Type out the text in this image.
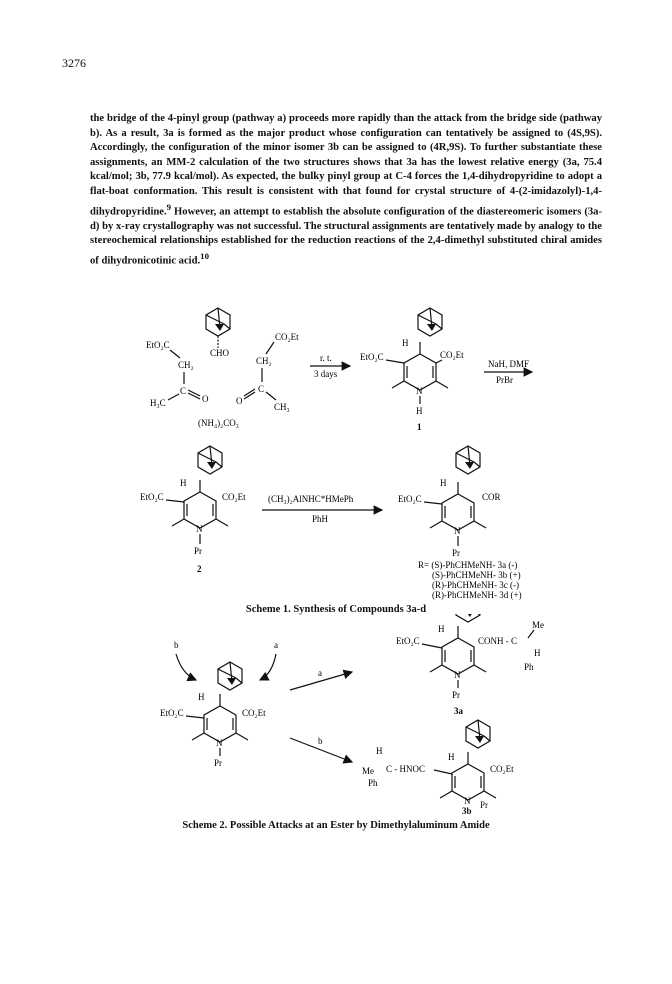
3276

the bridge of the 4-pinyl group (pathway a) proceeds more rapidly than the attack from the bridge side (pathway b). As a result, 3a is formed as the major product whose configuration can tentatively be assigned to (4S,9S). Accordingly, the configuration of the minor isomer 3b can be assigned to (4R,9S). To further substantiate these assignments, an MM-2 calculation of the two structures shows that 3a has the lowest relative energy (3a, 75.4 kcal/mol; 3b, 77.9 kcal/mol). As expected, the bulky pinyl group at C-4 forces the 1,4-dihydropyridine to adopt a flat-boat conformation. This result is consistent with that found for crystal structure of 4-(2-imidazolyl)-1,4-dihydropyridine.$^9$ However, an attempt to establish the absolute configuration of the diastereomeric isomers (3a-d) by x-ray crystallography was not successful. The structural assignments are tentatively made by analogy to the stereochemical relationships established for the reduction reactions of the 2,4-dimethyl substituted chiral amides of dihydronicotinic acid.$^{10}$

CHO
EtO₂C
CH₂
C
O
H₃C
CO₂Et
CH₂
C
O
CH₃
(NH₄)₂CO₃
r. t.
3 days
H
EtO₂C	CO₂Et
N
H
1
NaH, DMF
PrBr
H
EtO₂C	CO₂Et
N
Pr
2
(CH₃)₂AlNHC*HMePh
PhH
H
EtO₂C	COR
N
Pr
R= (S)-PhCHMeNH- 3a (-)
(S)-PhCHMeNH- 3b (+)
(R)-PhCHMeNH- 3c (-)
(R)-PhCHMeNH- 3d (+)
Scheme 1. Synthesis of Compounds 3a-d
b	a
H
EtO₂C	CO₂Et
N
Pr
a
b
H
EtO₂C	CONH - C
Me
H
Ph
N
Pr
3a
H
Me C - HNOC
Ph
H
CO₂Et
N
3b
Pr
Scheme 2. Possible Attacks at an Ester by Dimethylaluminum Amide
